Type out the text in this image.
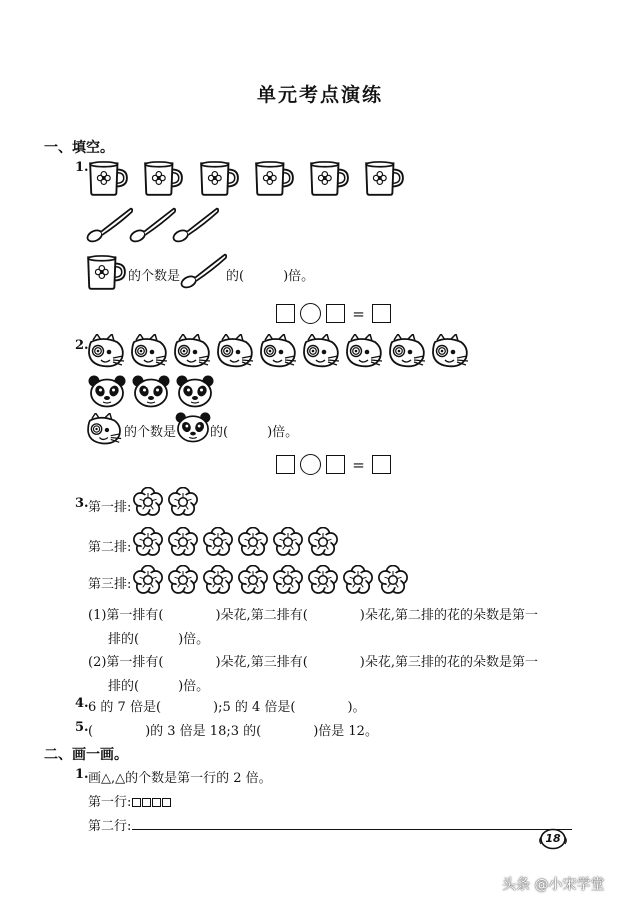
单元考点演练
一、填空。
1.
的个数是	的(　　　)倍。
=
2.
的个数是	的(　　　)倍。
=
3. 第一排:
第二排:
第三排:
(1)第一排有(　　　　)朵花,第二排有(　　　　)朵花,第二排的花的朵数是第一
排的(　　　)倍。
(2)第一排有(　　　　)朵花,第三排有(　　　　)朵花,第三排的花的朵数是第一
排的(　　　)倍。
4. 6 的 7 倍是(　　　　);5 的 4 倍是(　　　　)。
5. (　　　　)的 3 倍是 18;3 的(　　　　)倍是 12。
二、画一画。
1. 画△,△的个数是第一行的 2 倍。
第一行:
第二行:
18
头条 @小宋学堂
